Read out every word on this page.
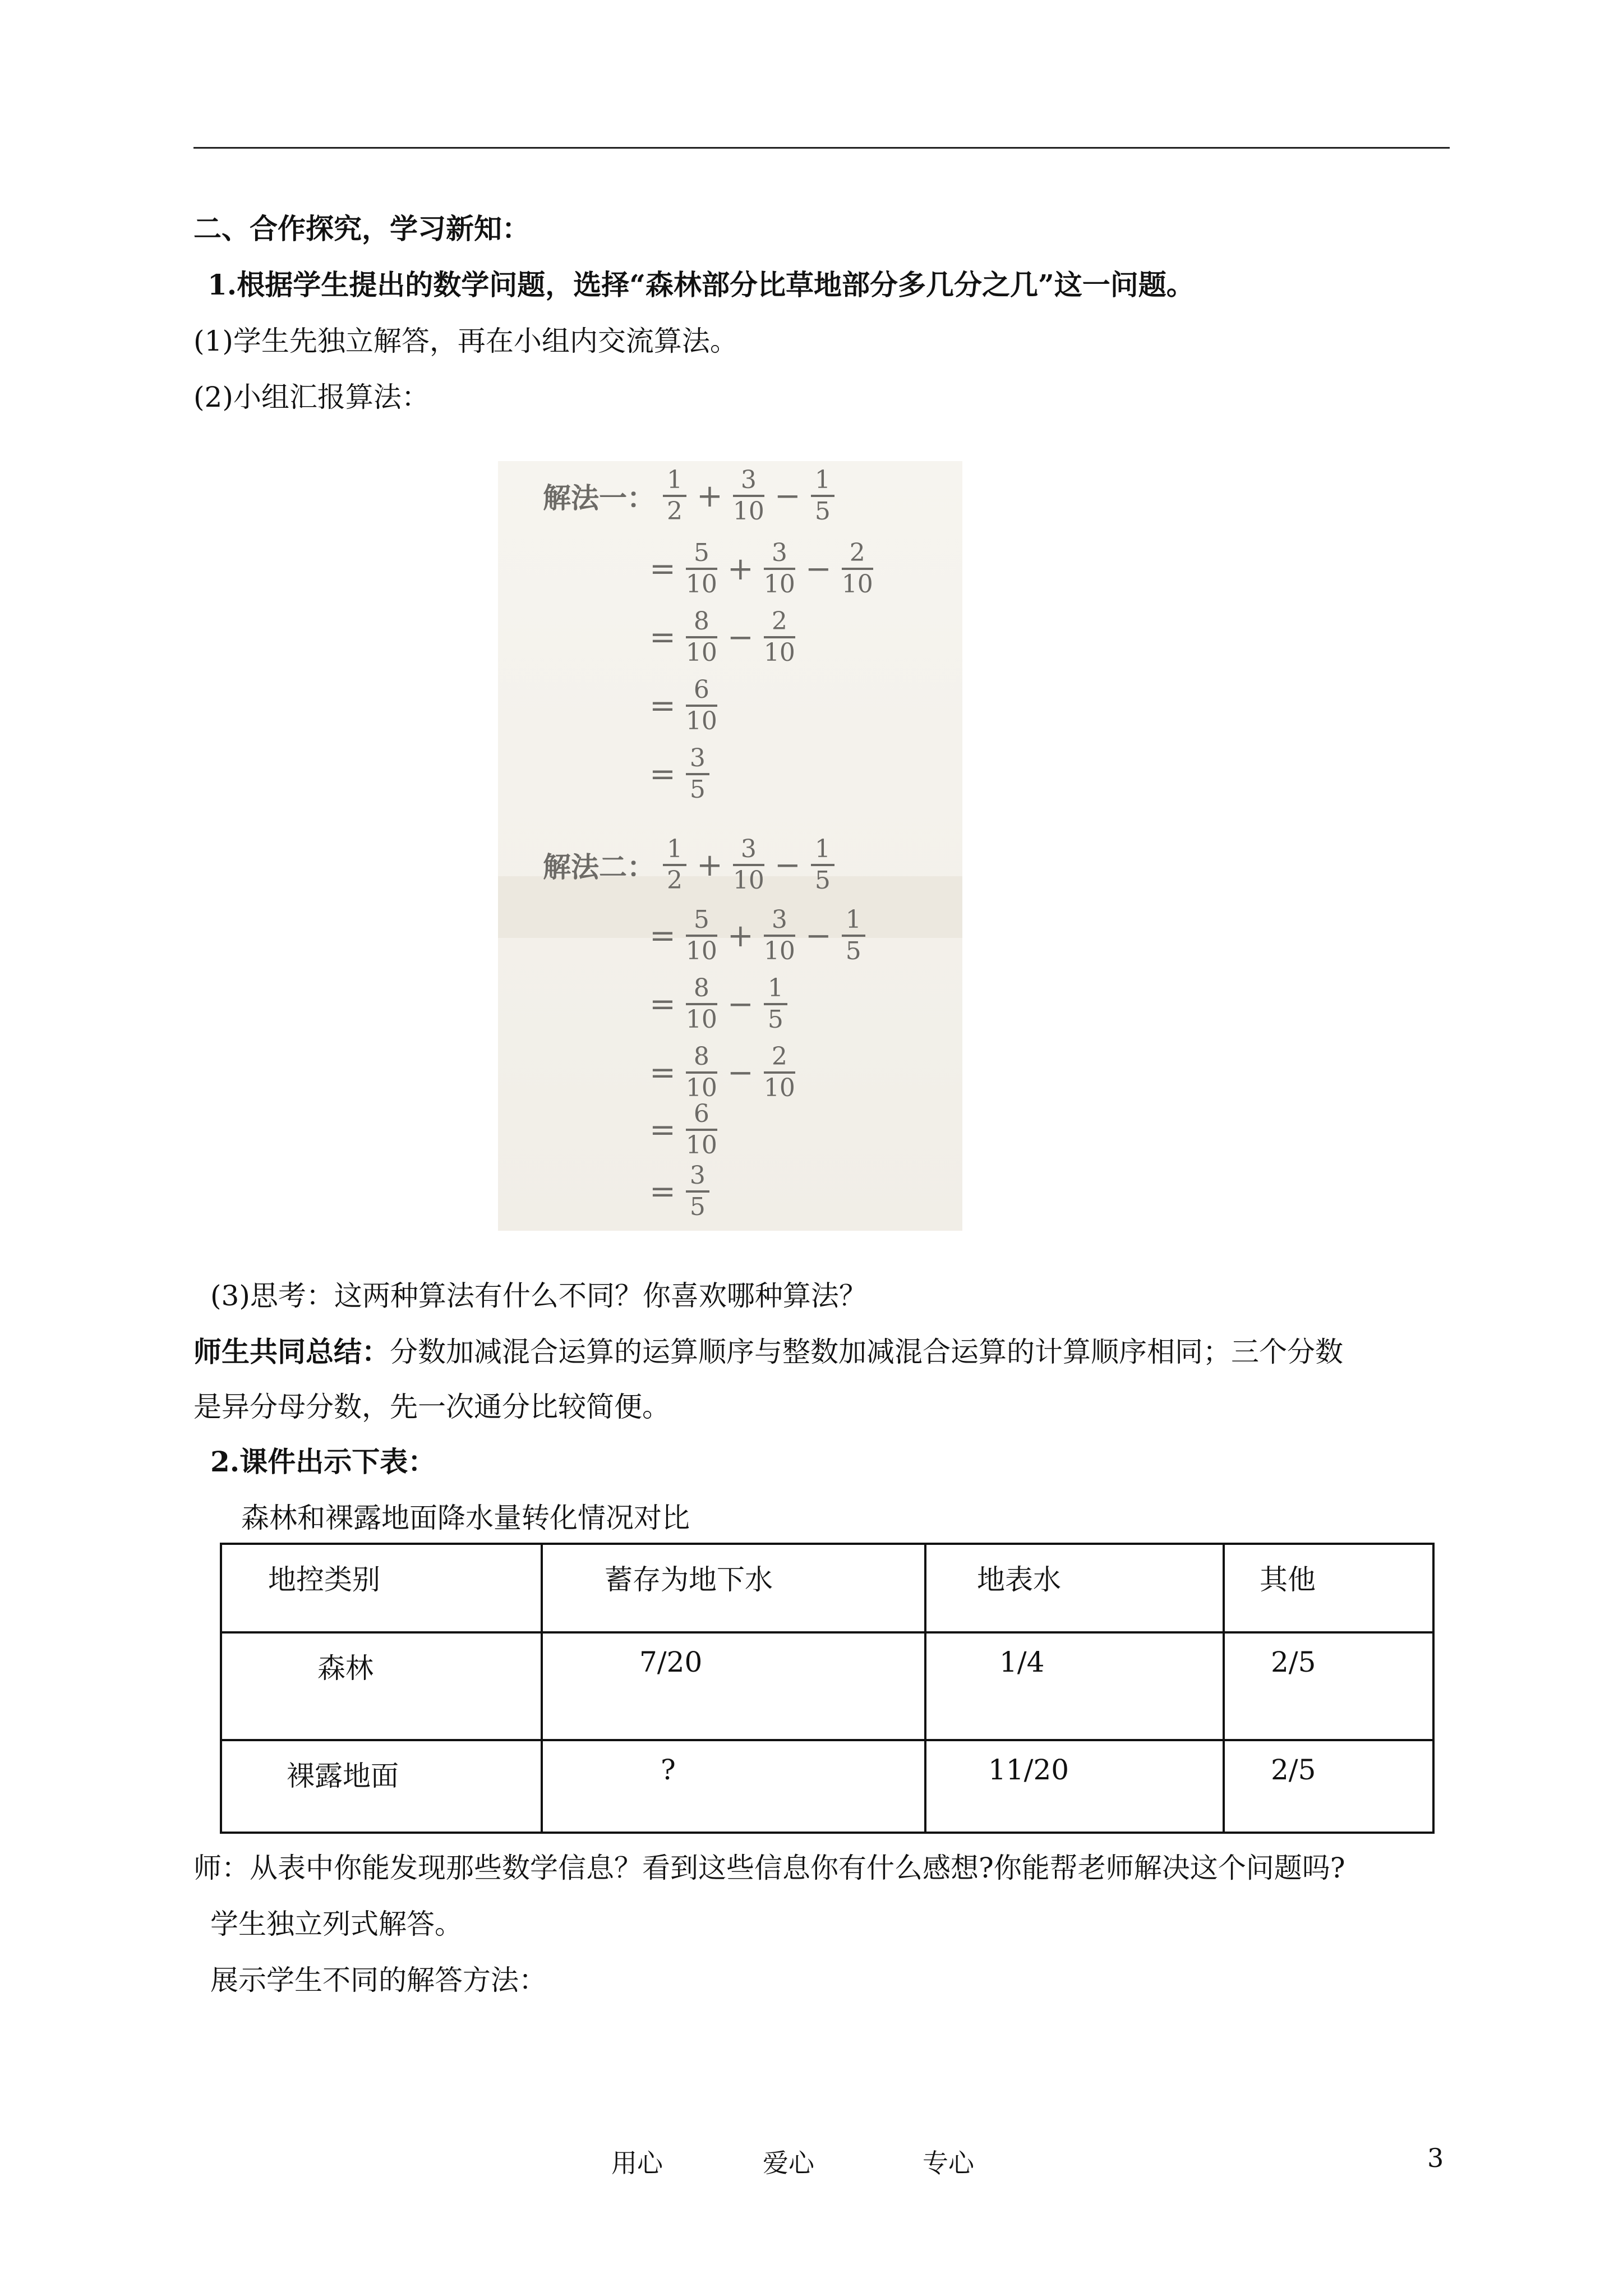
二、合作探究，学习新知：
1.根据学生提出的数学问题，选择“森林部分比草地部分多几分之几”这一问题。
(1)学生先独立解答，再在小组内交流算法。
(2)小组汇报算法：
解法一： $\frac{1}{2} + \frac{3}{10} - \frac{1}{5}$
= $\frac{5}{10} + \frac{3}{10} - \frac{2}{10}$
= $\frac{8}{10} - \frac{2}{10}$
= $\frac{6}{10}$
= $\frac{3}{5}$
解法二： $\frac{1}{2} + \frac{3}{10} - \frac{1}{5}$
= $\frac{5}{10} + \frac{3}{10} - \frac{1}{5}$
= $\frac{8}{10} - \frac{1}{5}$
= $\frac{8}{10} - \frac{2}{10}$
= $\frac{6}{10}$
= $\frac{3}{5}$
(3)思考：这两种算法有什么不同？你喜欢哪种算法？
师生共同总结：分数加减混合运算的运算顺序与整数加减混合运算的计算顺序相同；三个分数
是异分母分数，先一次通分比较简便。
2.课件出示下表：
森林和裸露地面降水量转化情况对比
地控类别	蓄存为地下水	地表水	其他
森林	7/20	1/4	2/5
裸露地面	?	11/20	2/5
师：从表中你能发现那些数学信息？看到这些信息你有什么感想?你能帮老师解决这个问题吗?
学生独立列式解答。
展示学生不同的解答方法：
用心	爱心	专心	3
